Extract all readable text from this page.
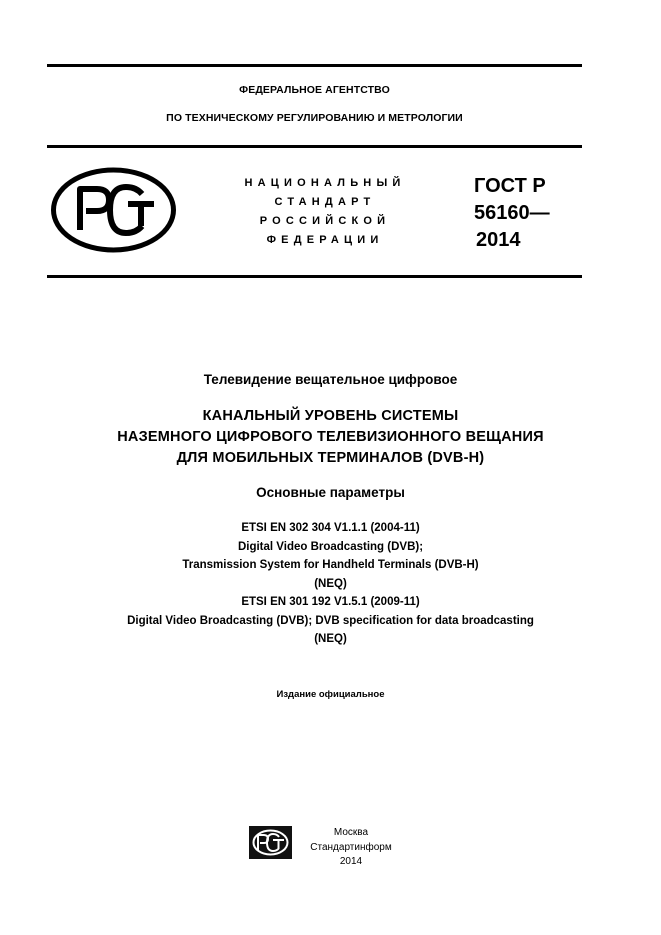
ФЕДЕРАЛЬНОЕ АГЕНТСТВО
ПО ТЕХНИЧЕСКОМУ РЕГУЛИРОВАНИЮ И МЕТРОЛОГИИ
НАЦИОНАЛЬНЫЙ
СТАНДАРТ
РОССИЙСКОЙ
ФЕДЕРАЦИИ
ГОСТ Р
56160—
2014
Телевидение вещательное цифровое
КАНАЛЬНЫЙ УРОВЕНЬ СИСТЕМЫ
НАЗЕМНОГО ЦИФРОВОГО ТЕЛЕВИЗИОННОГО ВЕЩАНИЯ
ДЛЯ МОБИЛЬНЫХ ТЕРМИНАЛОВ (DVB-H)
Основные параметры
ETSI EN 302 304 V1.1.1 (2004-11)
Digital Video Broadcasting (DVB);
Transmission System for Handheld Terminals (DVB-H)
(NEQ)
ETSI EN 301 192 V1.5.1 (2009-11)
Digital Video Broadcasting (DVB); DVB specification for data broadcasting
(NEQ)
Издание официальное
Москва
Стандартинформ
2014
